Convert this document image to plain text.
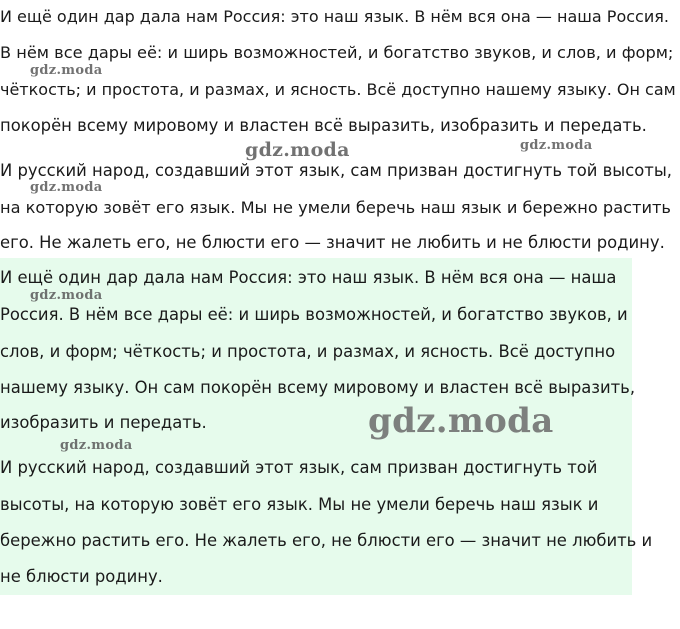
И ещё один дар дала нам Россия: это наш язык. В нём вся она — наша Россия.
В нём все дары её: и ширь возможностей, и богатство звуков, и слов, и форм;
чёткость; и простота, и размах, и ясность. Всё доступно нашему языку. Он сам
покорён всему мировому и властен всё выразить, изобразить и передать.
И русский народ, создавший этот язык, сам призван достигнуть той высоты,
на которую зовёт его язык. Мы не умели беречь наш язык и бережно растить
его. Не жалеть его, не блюсти его — значит не любить и не блюсти родину.
И ещё один дар дала нам Россия: это наш язык. В нём вся она — наша
Россия. В нём все дары её: и ширь возможностей, и богатство звуков, и
слов, и форм; чёткость; и простота, и размах, и ясность. Всё доступно
нашему языку. Он сам покорён всему мировому и властен всё выразить,
изобразить и передать.
И русский народ, создавший этот язык, сам призван достигнуть той
высоты, на которую зовёт его язык. Мы не умели беречь наш язык и
бережно растить его. Не жалеть его, не блюсти его — значит не любить и
не блюсти родину.
gdz.moda
gdz.moda	gdz.moda
gdz.moda
gdz.moda
gdz.moda
gdz.moda
